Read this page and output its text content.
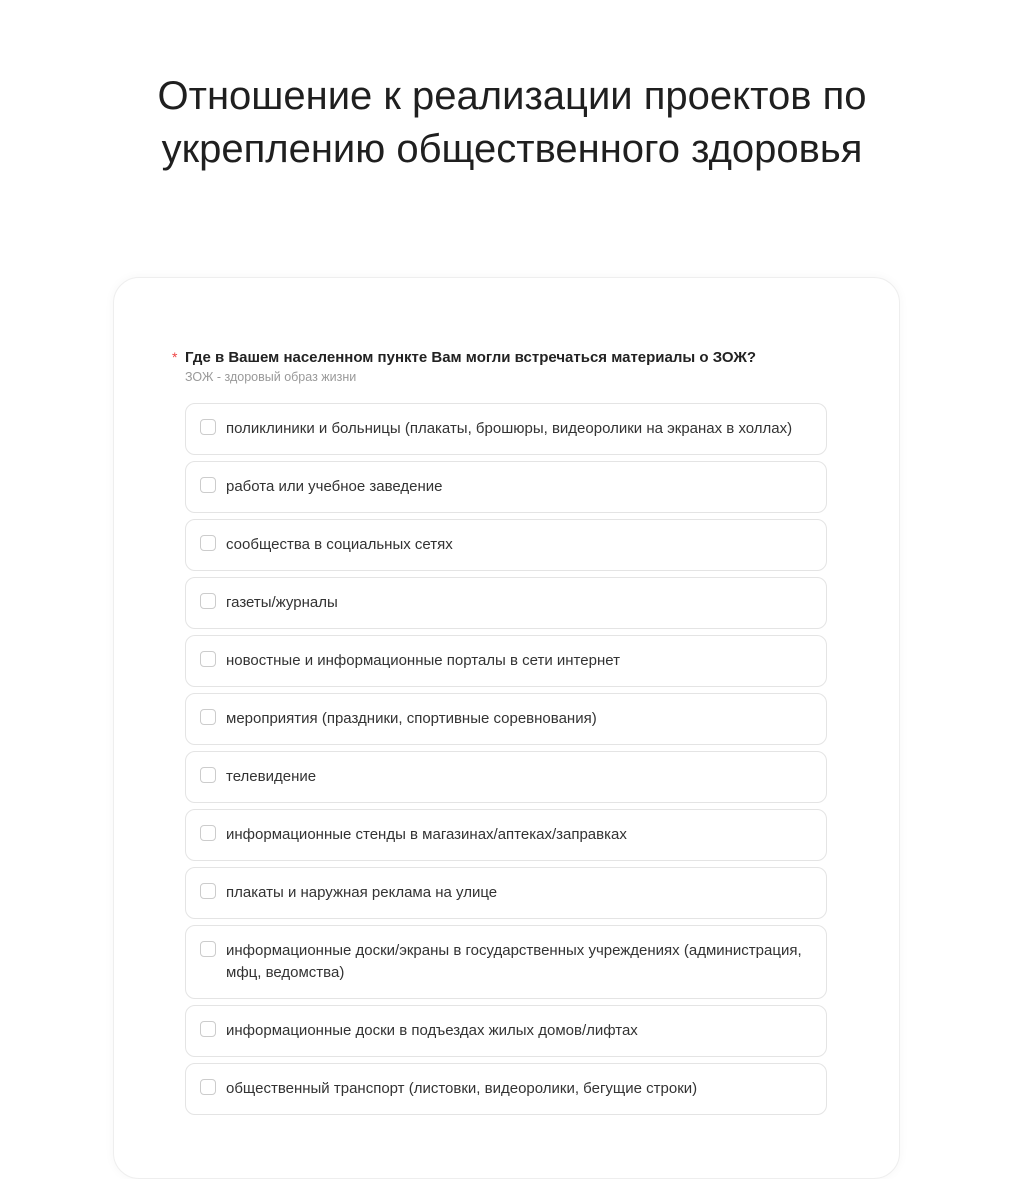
Отношение к реализации проектов по укреплению общественного здоровья
* Где в Вашем населенном пункте Вам могли встречаться материалы о ЗОЖ?
ЗОЖ - здоровый образ жизни
поликлиники и больницы (плакаты, брошюры, видеоролики на экранах в холлах)
работа или учебное заведение
сообщества в социальных сетях
газеты/журналы
новостные и информационные порталы в сети интернет
мероприятия (праздники, спортивные соревнования)
телевидение
информационные стенды в магазинах/аптеках/заправках
плакаты и наружная реклама на улице
информационные доски/экраны в государственных учреждениях (администрация, мфц, ведомства)
информационные доски в подъездах жилых домов/лифтах
общественный транспорт (листовки, видеоролики, бегущие строки)
